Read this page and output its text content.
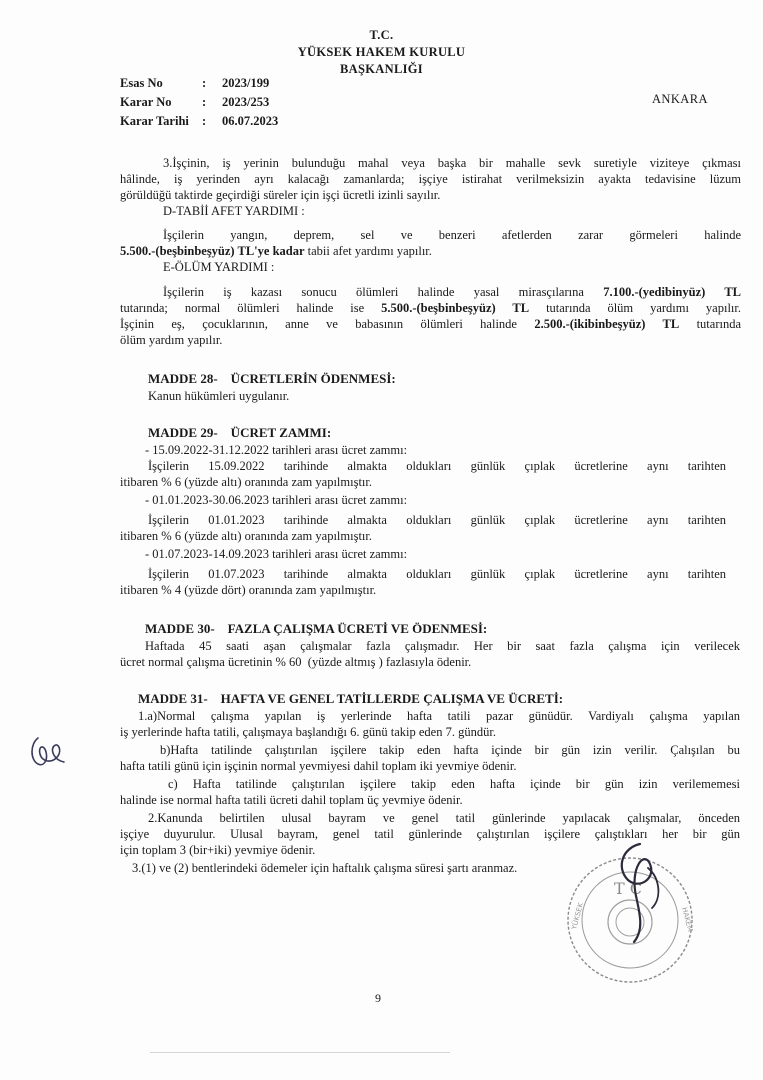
T.C.

YÜKSEK HAKEM KURULU

BAŞKANLIĞI

Esas No	: 2023/199
Karar No : 2023/253
Karar Tarihi : 06.07.2023

ANKARA

3.İşçinin, iş yerinin bulunduğu mahal veya başka bir mahalle sevk suretiyle viziteye çıkması

hâlinde, iş yerinden ayrı kalacağı zamanlarda; işçiye istirahat verilmeksizin ayakta tedavisine lüzum

görüldüğü taktirde geçirdiği süreler için işçi ücretli izinli sayılır.

D-TABİİ AFET YARDIMI :

İşçilerin yangın, deprem, sel ve benzeri afetlerden zarar görmeleri halinde

5.500.-(beşbinbeşyüz) TL'ye kadar tabii afet yardımı yapılır.

E-ÖLÜM YARDIMI :

İşçilerin iş kazası sonucu ölümleri halinde yasal mirasçılarına 7.100.-(yedibinyüz) TL

tutarında; normal ölümleri halinde ise 5.500.-(beşbinbeşyüz) TL tutarında ölüm yardımı yapılır.

İşçinin eş, çocuklarının, anne ve babasının ölümleri halinde 2.500.-(ikibinbeşyüz) TL tutarında

ölüm yardım yapılır.

MADDE 28-    ÜCRETLERİN ÖDENMESİ:

Kanun hükümleri uygulanır.

MADDE 29-    ÜCRET ZAMMI:

- 15.09.2022-31.12.2022 tarihleri arası ücret zammı:

İşçilerin 15.09.2022 tarihinde almakta oldukları günlük çıplak ücretlerine aynı tarihten

itibaren % 6 (yüzde altı) oranında zam yapılmıştır.

- 01.01.2023-30.06.2023 tarihleri arası ücret zammı:

İşçilerin 01.01.2023 tarihinde almakta oldukları günlük çıplak ücretlerine aynı tarihten

itibaren % 6 (yüzde altı) oranında zam yapılmıştır.

- 01.07.2023-14.09.2023 tarihleri arası ücret zammı:

İşçilerin 01.07.2023 tarihinde almakta oldukları günlük çıplak ücretlerine aynı tarihten

itibaren % 4 (yüzde dört) oranında zam yapılmıştır.

MADDE 30-    FAZLA ÇALIŞMA ÜCRETİ VE ÖDENMESİ:

Haftada 45 saati aşan çalışmalar fazla çalışmadır. Her bir saat fazla çalışma için verilecek

ücret normal çalışma ücretinin % 60  (yüzde altmış ) fazlasıyla ödenir.

MADDE 31-    HAFTA VE GENEL TATİLLERDE ÇALIŞMA VE ÜCRETİ:

1.a)Normal çalışma yapılan iş yerlerinde hafta tatili pazar günüdür. Vardiyalı çalışma yapılan

iş yerlerinde hafta tatili, çalışmaya başlandığı 6. günü takip eden 7. gündür.

b)Hafta tatilinde çalıştırılan işçilere takip eden hafta içinde bir gün izin verilir. Çalışılan bu

hafta tatili günü için işçinin normal yevmiyesi dahil toplam iki yevmiye ödenir.

c) Hafta tatilinde çalıştırılan işçilere takip eden hafta içinde bir gün izin verilememesi

halinde ise normal hafta tatili ücreti dahil toplam üç yevmiye ödenir.

2.Kanunda belirtilen ulusal bayram ve genel tatil günlerinde yapılacak çalışmalar, önceden

işçiye duyurulur. Ulusal bayram, genel tatil günlerinde çalıştırılan işçilere çalıştıkları her bir gün

için toplam 3 (bir+iki) yevmiye ödenir.

3.(1) ve (2) bentlerindeki ödemeler için haftalık çalışma süresi şartı aranmaz.

T C
YÜKSEK	HAKEM

9
